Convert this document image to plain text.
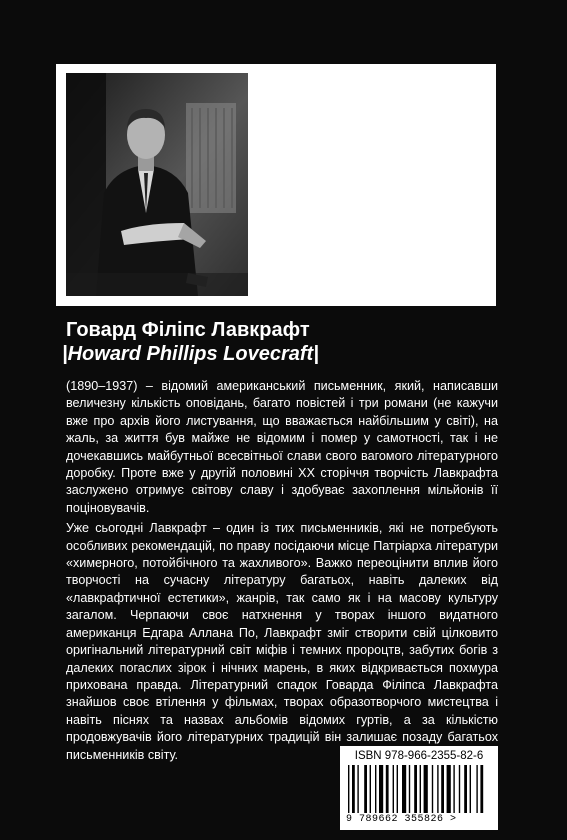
Говард Філіпс Лавкрафт
|Howard Phillips Lovecraft|

(1890–1937) – відомий американський письменник, який, написавши величезну кількість оповідань, багато повістей і три романи (не кажучи вже про архів його листування, що вважається найбільшим у світі), на жаль, за життя був майже не відомим і помер у самотності, так і не дочекавшись майбутньої всесвітньої слави свого вагомого літературного доробку. Проте вже у другій половині XX сторіччя творчість Лавкрафта заслужено отримує світову славу і здобуває захоплення мільйонів її поціновувачів.

Уже сьогодні Лавкрафт – один із тих письменників, які не потребують особливих рекомендацій, по праву посідаючи місце Патріарха літератури «химерного, потойбічного та жахливого». Важко переоцінити вплив його творчості на сучасну літературу багатьох, навіть далеких від «лавкрафтичної естетики», жанрів, так само як і на масову культуру загалом. Черпаючи своє натхнення у творах іншого видатного американця Едгара Аллана По, Лавкрафт зміг створити свій цілковито оригінальний літературний світ міфів і темних пророцтв, забутих богів з далеких погаслих зірок і нічних марень, в яких відкривається похмура прихована правда. Літературний спадок Говарда Філіпса Лавкрафта знайшов своє втілення у фільмах, творах образотворчого мистецтва і навіть піснях та назвах альбомів відомих гуртів, а за кількістю продовжувачів його літературних традицій він залишає позаду багатьох письменників світу.	ISBN 978-966-2355-82-6
9 789662 355826 >
